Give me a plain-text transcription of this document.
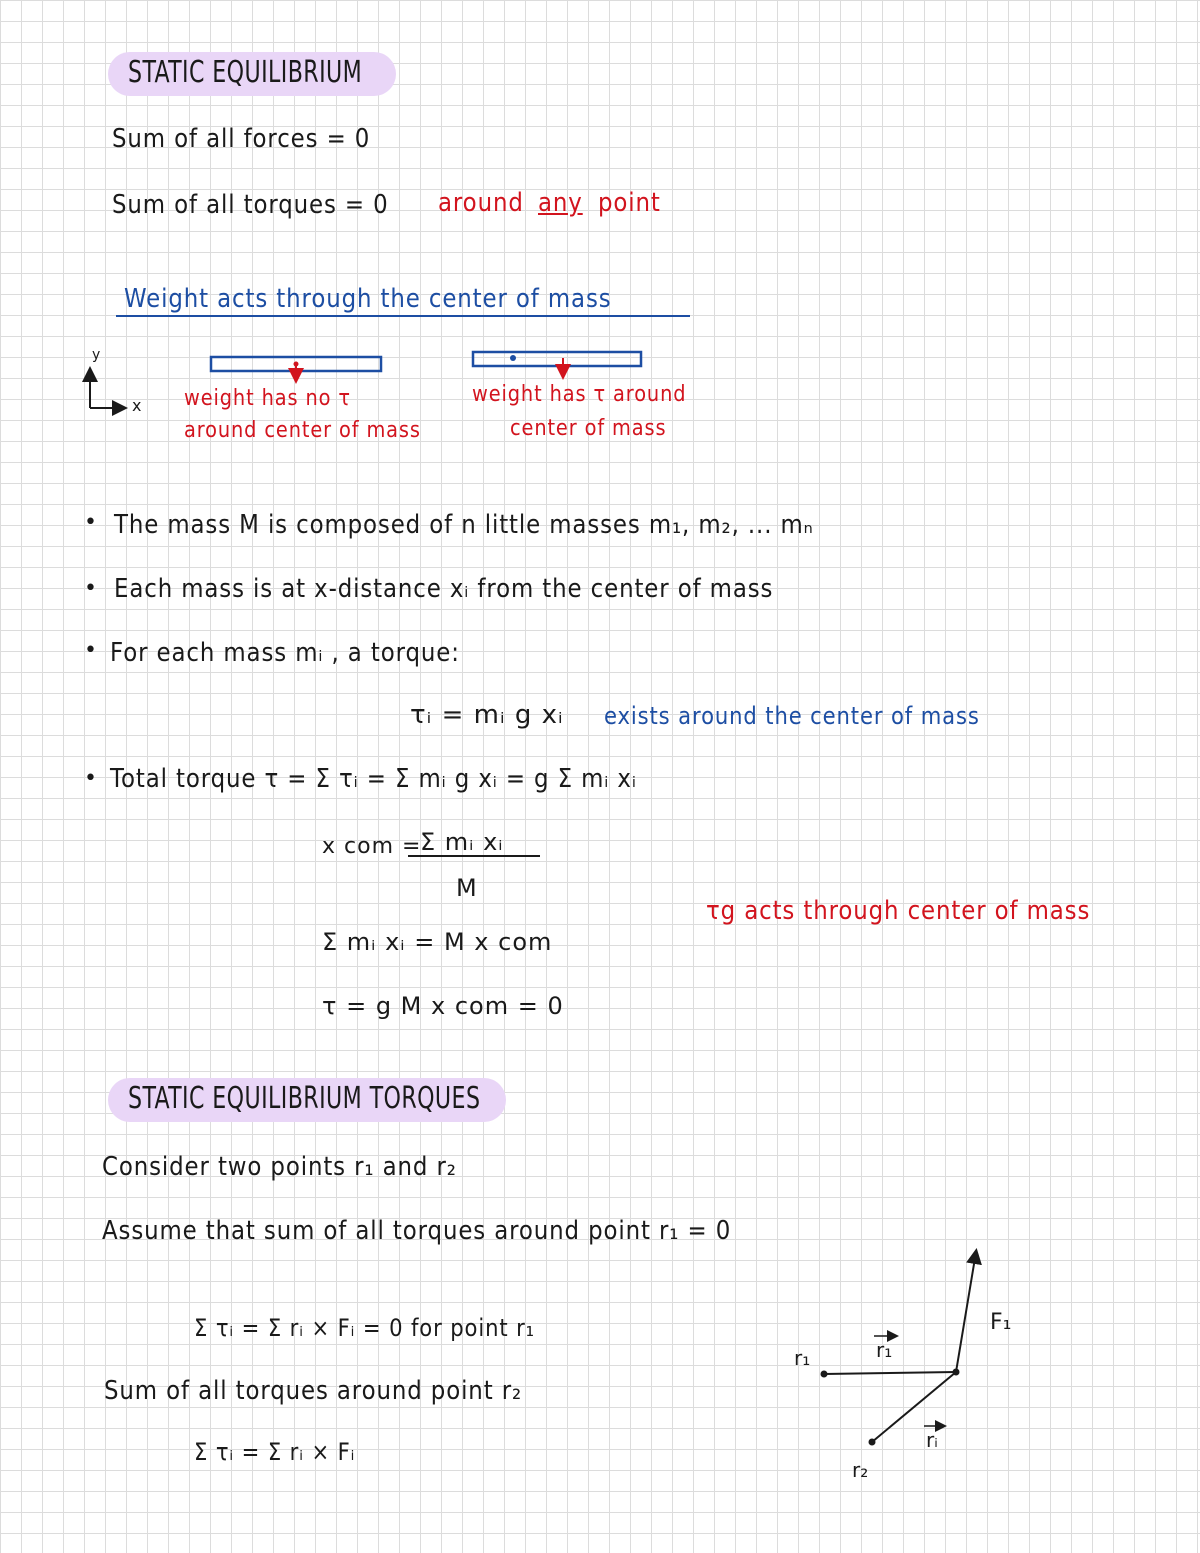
STATIC EQUILIBRIUM
Sum of all forces = 0
Sum of all torques = 0 around any point
Weight acts through the center of mass
y
x weight has no τ
around center of mass
weight has τ around
center of mass
• The mass M is composed of n little masses m₁, m₂, ... mₙ
• Each mass is at x-distance xᵢ from the center of mass
• For each mass mᵢ , a torque:
τᵢ = mᵢ g xᵢ exists around the center of mass
• Total torque τ = Σ τᵢ = Σ mᵢ g xᵢ = g Σ mᵢ xᵢ
x com =
Σ mᵢ xᵢ
M
τg acts through center of mass
Σ mᵢ xᵢ = M x com
τ = g M x com = 0
STATIC EQUILIBRIUM TORQUES
Consider two points r₁ and r₂
Assume that sum of all torques around point r₁ = 0
Σ τᵢ = Σ rᵢ × Fᵢ = 0 for point r₁
Sum of all torques around point r₂
Σ τᵢ = Σ rᵢ × Fᵢ
r₁	r₁
rᵢ
r₂
F₁
